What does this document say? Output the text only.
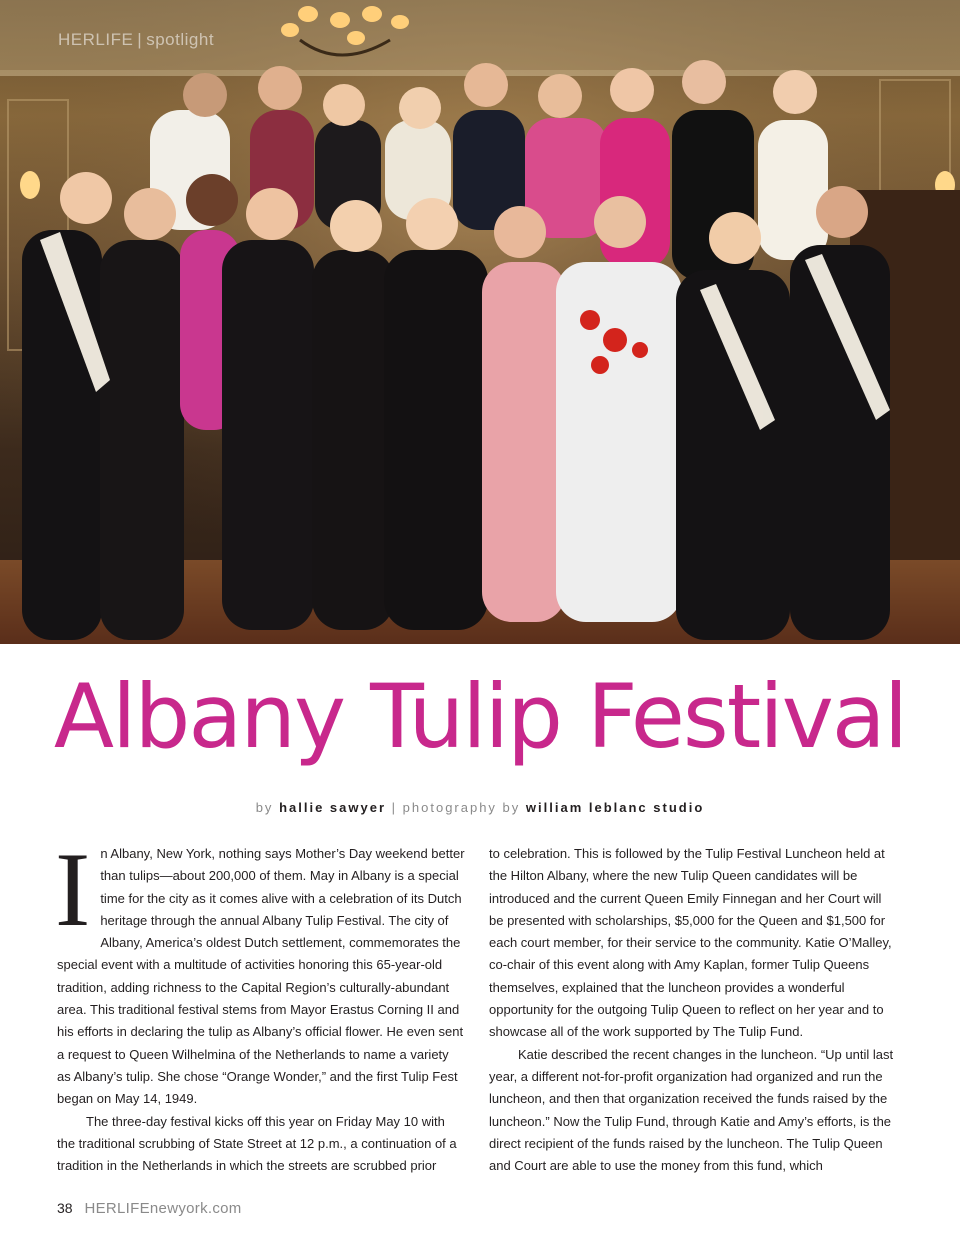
HERLIFE | spotlight
Albany Tulip Festival
by hallie sawyer | photography by william leblanc studio
I n Albany, New York, nothing says Mother’s Day weekend better than tulips—about 200,000 of them. May in Albany is a special time for the city as it comes alive with a celebration of its Dutch heritage through the annual Albany Tulip Festival. The city of Albany, America’s oldest Dutch settlement, commemorates the special event with a multitude of activities honoring this 65-year-old tradition, adding richness to the Capital Region’s culturally-abundant area. This traditional festival stems from Mayor Erastus Corning II and his efforts in declaring the tulip as Albany’s official flower. He even sent a request to Queen Wilhelmina of the Netherlands to name a variety as Albany’s tulip. She chose “Orange Wonder,” and the first Tulip Fest began on May 14, 1949.

The three-day festival kicks off this year on Friday May 10 with the traditional scrubbing of State Street at 12 p.m., a continuation of a tradition in the Netherlands in which the streets are scrubbed prior

to celebration. This is followed by the Tulip Festival Luncheon held at the Hilton Albany, where the new Tulip Queen candidates will be introduced and the current Queen Emily Finnegan and her Court will be presented with scholarships, $5,000 for the Queen and $1,500 for each court member, for their service to the community. Katie O’Malley, co-chair of this event along with Amy Kaplan, former Tulip Queens themselves, explained that the luncheon provides a wonderful opportunity for the outgoing Tulip Queen to reflect on her year and to showcase all of the work supported by The Tulip Fund.

Katie described the recent changes in the luncheon. “Up until last year, a different not-for-profit organization had organized and run the luncheon, and then that organization received the funds raised by the luncheon.” Now the Tulip Fund, through Katie and Amy’s efforts, is the direct recipient of the funds raised by the luncheon. The Tulip Queen and Court are able to use the money from this fund, which

38 HERLIFEnewyork.com
